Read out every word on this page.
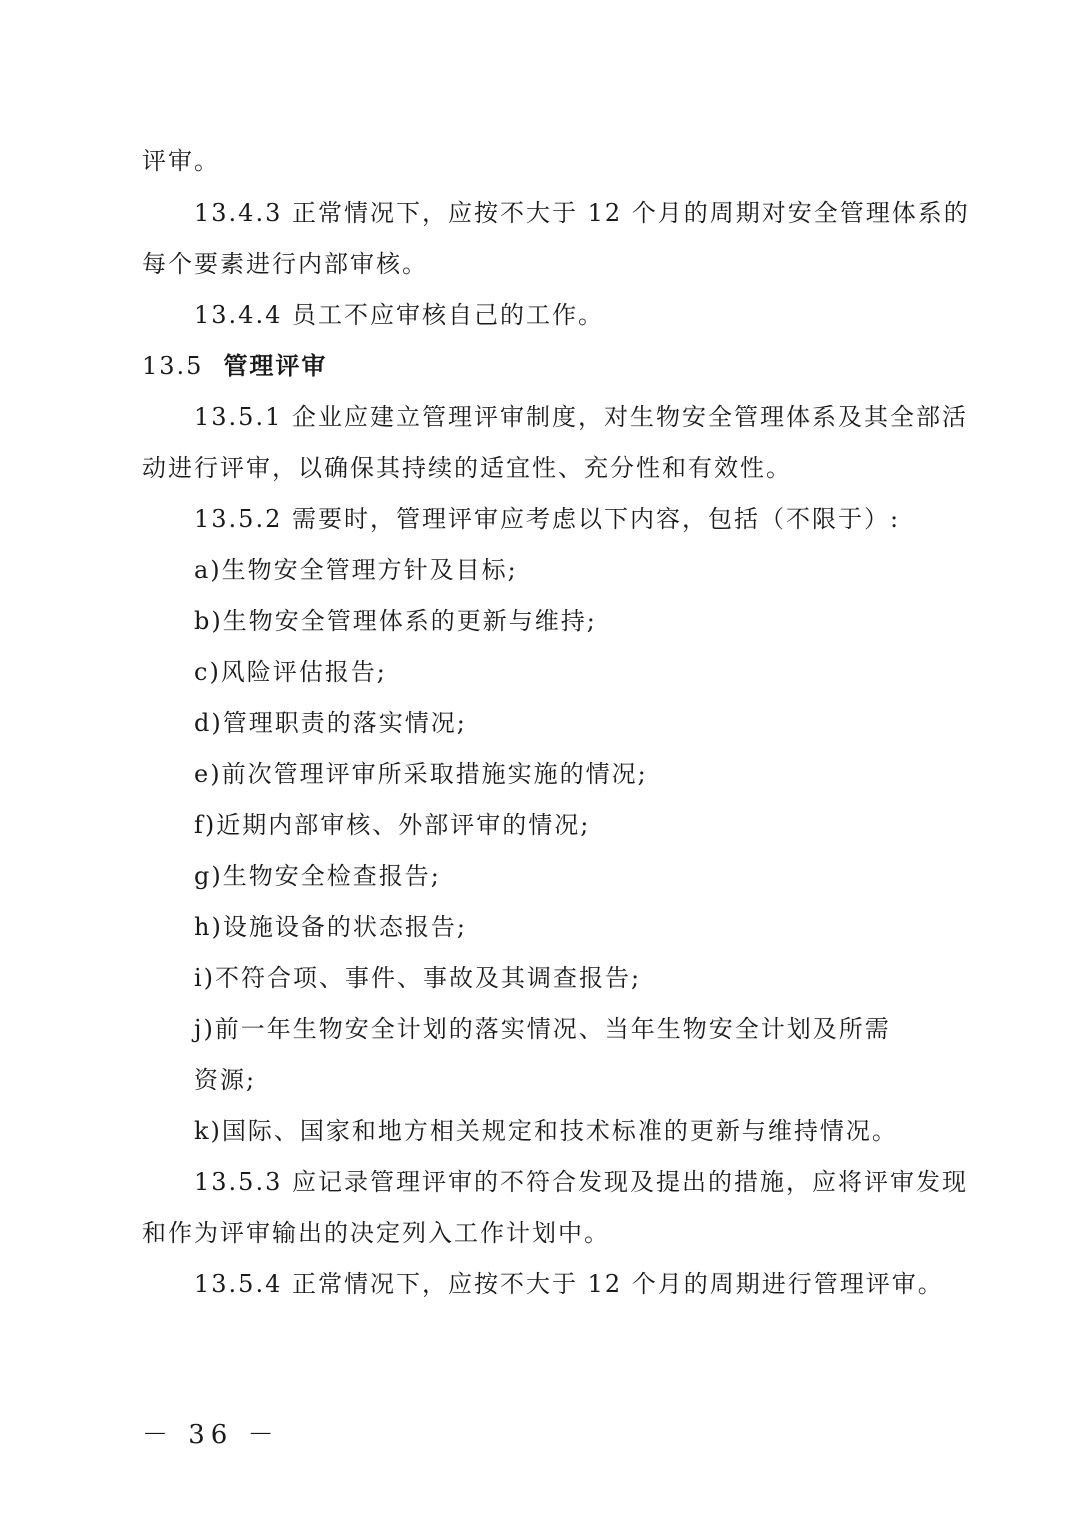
评审。
13.4.3 正常情况下，应按不大于 12 个月的周期对安全管理体系的
每个要素进行内部审核。
13.4.4 员工不应审核自己的工作。
13.5 管理评审
13.5.1 企业应建立管理评审制度，对生物安全管理体系及其全部活
动进行评审，以确保其持续的适宜性、充分性和有效性。
13.5.2 需要时，管理评审应考虑以下内容，包括（不限于）:
a)生物安全管理方针及目标;
b)生物安全管理体系的更新与维持;
c)风险评估报告;
d)管理职责的落实情况;
e)前次管理评审所采取措施实施的情况;
f)近期内部审核、外部评审的情况;
g)生物安全检查报告;
h)设施设备的状态报告;
i)不符合项、事件、事故及其调查报告;
j)前一年生物安全计划的落实情况、当年生物安全计划及所需
资源;
k)国际、国家和地方相关规定和技术标准的更新与维持情况。
13.5.3 应记录管理评审的不符合发现及提出的措施，应将评审发现
和作为评审输出的决定列入工作计划中。
13.5.4 正常情况下，应按不大于 12 个月的周期进行管理评审。
－ 36 －
